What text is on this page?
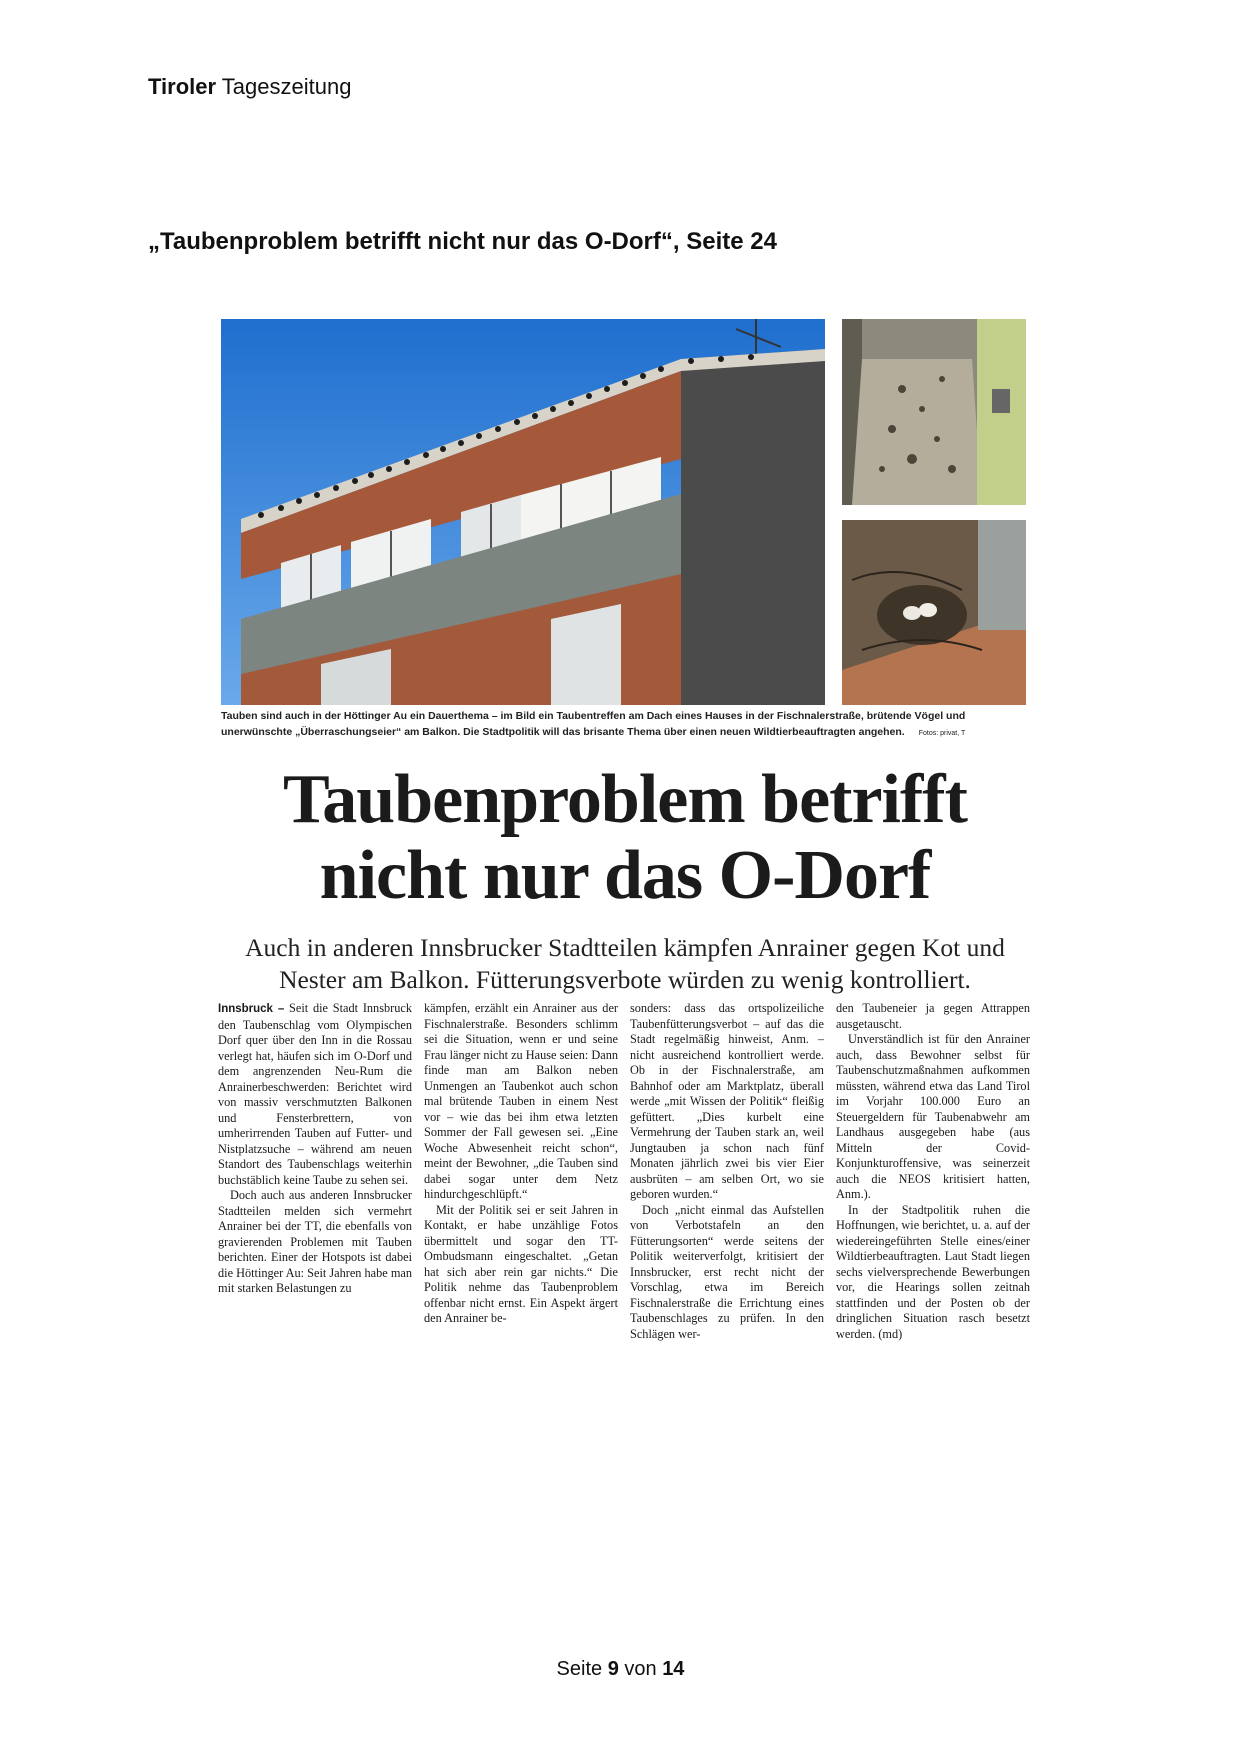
Tiroler Tageszeitung
„Taubenproblem betrifft nicht nur das O-Dorf“, Seite 24
Tauben sind auch in der Höttinger Au ein Dauerthema – im Bild ein Taubentreffen am Dach eines Hauses in der Fischnalerstraße, brütende Vögel und
unerwünschte „Überraschungseier“ am Balkon. Die Stadtpolitik will das brisante Thema über einen neuen Wildtierbeauftragten angehen. Fotos: privat, T
Taubenproblem betrifft
nicht nur das O-Dorf
Auch in anderen Innsbrucker Stadtteilen kämpfen Anrainer gegen Kot und Nester am Balkon. Fütterungsverbote würden zu wenig kontrolliert.

Innsbruck – Seit die Stadt Innsbruck den Taubenschlag vom Olympischen Dorf quer über den Inn in die Rossau verlegt hat, häufen sich im O-Dorf und dem angrenzenden Neu-Rum die Anrainerbeschwerden: Berichtet wird von massiv verschmutzten Balkonen und Fensterbrettern, von umherirrenden Tauben auf Futter- und Nistplatzsuche – während am neuen Standort des Taubenschlags weiterhin buchstäblich keine Taube zu sehen sei.

Doch auch aus anderen Innsbrucker Stadtteilen melden sich vermehrt Anrainer bei der TT, die ebenfalls von gravierenden Problemen mit Tauben berichten. Einer der Hotspots ist dabei die Höttinger Au: Seit Jahren habe man mit starken Belastungen zu

kämpfen, erzählt ein Anrainer aus der Fischnalerstraße. Besonders schlimm sei die Situation, wenn er und seine Frau länger nicht zu Hause seien: Dann finde man am Balkon neben Unmengen an Taubenkot auch schon mal brütende Tauben in einem Nest vor – wie das bei ihm etwa letzten Sommer der Fall gewesen sei. „Eine Woche Abwesenheit reicht schon“, meint der Bewohner, „die Tauben sind dabei sogar unter dem Netz hindurchgeschlüpft.“

Mit der Politik sei er seit Jahren in Kontakt, er habe unzählige Fotos übermittelt und sogar den TT-Ombudsmann eingeschaltet. „Getan hat sich aber rein gar nichts.“ Die Politik nehme das Taubenproblem offenbar nicht ernst. Ein Aspekt ärgert den Anrainer be-

sonders: dass das ortspolizeiliche Taubenfütterungsverbot – auf das die Stadt regelmäßig hinweist, Anm. – nicht ausreichend kontrolliert werde. Ob in der Fischnalerstraße, am Bahnhof oder am Marktplatz, überall werde „mit Wissen der Politik“ fleißig gefüttert. „Dies kurbelt eine Vermehrung der Tauben stark an, weil Jungtauben ja schon nach fünf Monaten jährlich zwei bis vier Eier ausbrüten – am selben Ort, wo sie geboren wurden.“

Doch „nicht einmal das Aufstellen von Verbotstafeln an den Fütterungsorten“ werde seitens der Politik weiterverfolgt, kritisiert der Innsbrucker, erst recht nicht der Vorschlag, etwa im Bereich Fischnalerstraße die Errichtung eines Taubenschlages zu prüfen. In den Schlägen wer-

den Taubeneier ja gegen Attrappen ausgetauscht.

Unverständlich ist für den Anrainer auch, dass Bewohner selbst für Taubenschutzmaßnahmen aufkommen müssten, während etwa das Land Tirol im Vorjahr 100.000 Euro an Steuergeldern für Taubenabwehr am Landhaus ausgegeben habe (aus Mitteln der Covid-Konjunkturoffensive, was seinerzeit auch die NEOS kritisiert hatten, Anm.).

In der Stadtpolitik ruhen die Hoffnungen, wie berichtet, u. a. auf der wiedereingeführten Stelle eines/einer Wildtierbeauftragten. Laut Stadt liegen sechs vielversprechende Bewerbungen vor, die Hearings sollen zeitnah stattfinden und der Posten ob der dringlichen Situation rasch besetzt werden. (md)

Seite 9 von 14
